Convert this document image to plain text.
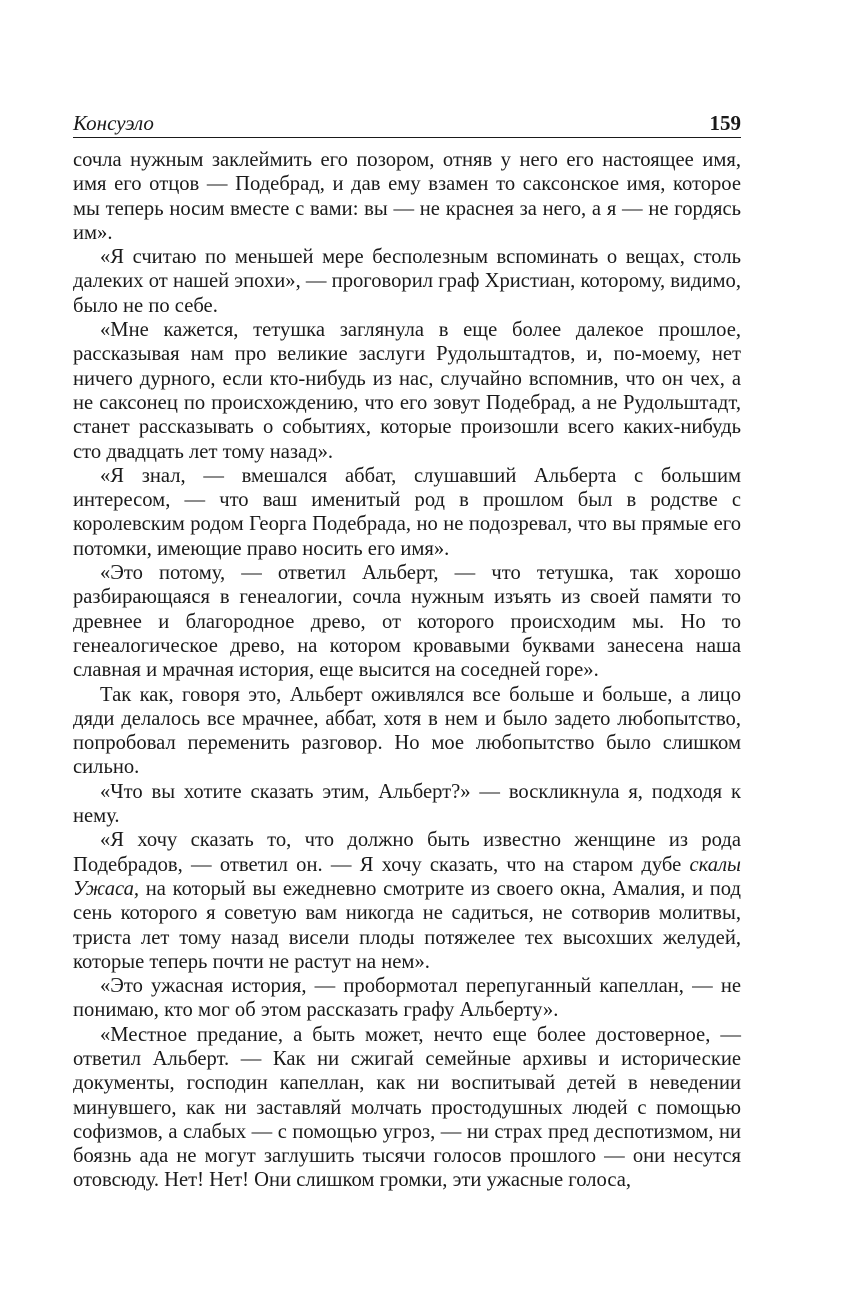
Консуэло	159

сочла нужным заклеймить его позором, отняв у него его настоящее имя, имя его отцов — Подебрад, и дав ему взамен то саксонское имя, которое мы теперь носим вместе с вами: вы — не краснея за него, а я — не гордясь им».

«Я считаю по меньшей мере бесполезным вспоминать о вещах, столь далеких от нашей эпохи», — проговорил граф Христиан, которому, видимо, было не по себе.

«Мне кажется, тетушка заглянула в еще более далекое прошлое, рассказывая нам про великие заслуги Рудольштадтов, и, по-моему, нет ничего дурного, если кто-нибудь из нас, случайно вспомнив, что он чех, а не саксонец по происхождению, что его зовут Подебрад, а не Рудольштадт, станет рассказывать о событиях, которые произошли всего каких-нибудь сто двадцать лет тому назад».

«Я знал, — вмешался аббат, слушавший Альберта с большим интересом, — что ваш именитый род в прошлом был в родстве с королевским родом Георга Подебрада, но не подозревал, что вы прямые его потомки, имеющие право носить его имя».

«Это потому, — ответил Альберт, — что тетушка, так хорошо разбирающаяся в генеалогии, сочла нужным изъять из своей памяти то древнее и благородное древо, от которого происходим мы. Но то генеалогическое древо, на котором кровавыми буквами занесена наша славная и мрачная история, еще высится на соседней горе».

Так как, говоря это, Альберт оживлялся все больше и больше, а лицо дяди делалось все мрачнее, аббат, хотя в нем и было задето любопытство, попробовал переменить разговор. Но мое любопытство было слишком сильно.

«Что вы хотите сказать этим, Альберт?» — воскликнула я, подходя к нему.

«Я хочу сказать то, что должно быть известно женщине из рода Подебрадов, — ответил он. — Я хочу сказать, что на старом дубе скалы Ужаса, на который вы ежедневно смотрите из своего окна, Амалия, и под сень которого я советую вам никогда не садиться, не сотворив молитвы, триста лет тому назад висели плоды потяжелее тех высохших желудей, которые теперь почти не растут на нем».

«Это ужасная история, — пробормотал перепуганный капеллан, — не понимаю, кто мог об этом рассказать графу Альберту».

«Местное предание, а быть может, нечто еще более достоверное, — ответил Альберт. — Как ни сжигай семейные архивы и исторические документы, господин капеллан, как ни воспитывай детей в неведении минувшего, как ни заставляй молчать простодушных людей с помощью софизмов, а слабых — с помощью угроз, — ни страх пред деспотизмом, ни боязнь ада не могут заглушить тысячи голосов прошлого — они несутся отовсюду. Нет! Нет! Они слишком громки, эти ужасные голоса,
